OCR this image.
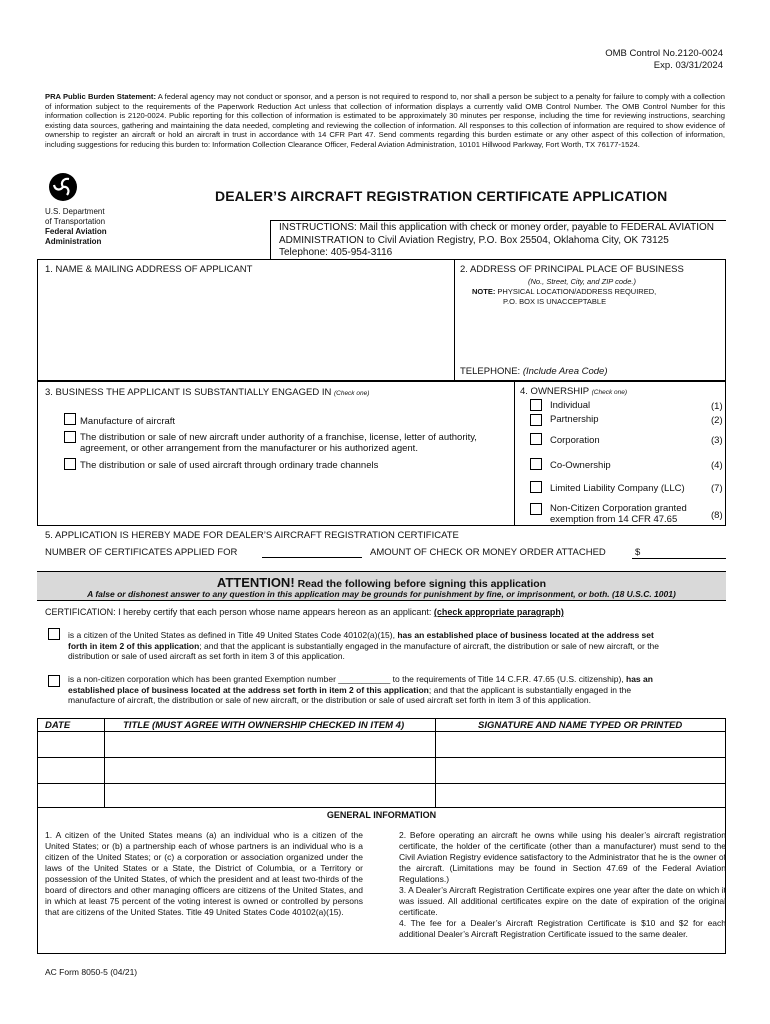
OMB Control No.2120-0024
Exp. 03/31/2024
PRA Public Burden Statement: A federal agency may not conduct or sponsor, and a person is not required to respond to, nor shall a person be subject to a penalty for failure to comply with a collection of information subject to the requirements of the Paperwork Reduction Act unless that collection of information displays a currently valid OMB Control Number. The OMB Control Number for this information collection is 2120-0024. Public reporting for this collection of information is estimated to be approximately 30 minutes per response, including the time for reviewing instructions, searching existing data sources, gathering and maintaining the data needed, completing and reviewing the collection of information. All responses to this collection of information are required to show evidence of ownership to register an aircraft or hold an aircraft in trust in accordance with 14 CFR Part 47. Send comments regarding this burden estimate or any other aspect of this collection of information, including suggestions for reducing this burden to: Information Collection Clearance Officer, Federal Aviation Administration, 10101 Hillwood Parkway, Fort Worth, TX 76177-1524.
U.S. Department
of Transportation
Federal Aviation
Administration
DEALER’S AIRCRAFT REGISTRATION CERTIFICATE APPLICATION
INSTRUCTIONS: Mail this application with check or money order, payable to FEDERAL AVIATION
ADMINISTRATION to Civil Aviation Registry, P.O. Box 25504, Oklahoma City, OK 73125
Telephone: 405-954-3116
1. NAME & MAILING ADDRESS OF APPLICANT	2. ADDRESS OF PRINCIPAL PLACE OF BUSINESS
(No., Street, City, and ZIP code.)
NOTE: PHYSICAL LOCATION/ADDRESS REQUIRED,
P.O. BOX IS UNACCEPTABLE
TELEPHONE: (Include Area Code)
3. BUSINESS THE APPLICANT IS SUBSTANTIALLY ENGAGED IN (Check one)
Manufacture of aircraft
The distribution or sale of new aircraft under authority of a franchise, license, letter of authority,
agreement, or other arrangement from the manufacturer or his authorized agent.
The distribution or sale of used aircraft through ordinary trade channels
4. OWNERSHIP (Check one)
Individual	(1)
Partnership	(2)
Corporation	(3)
Co-Ownership	(4)
Limited Liability Company (LLC)	(7)
Non-Citizen Corporation granted
exemption from 14 CFR 47.65	(8)
5. APPLICATION IS HEREBY MADE FOR DEALER’S AIRCRAFT REGISTRATION CERTIFICATE
NUMBER OF CERTIFICATES APPLIED FOR	AMOUNT OF CHECK OR MONEY ORDER ATTACHED	$
ATTENTION! Read the following before signing this application
A false or dishonest answer to any question in this application may be grounds for punishment by fine, or imprisonment, or both. (18 U.S.C. 1001)
CERTIFICATION: I hereby certify that each person whose name appears hereon as an applicant: (check appropriate paragraph)
is a citizen of the United States as defined in Title 49 United States Code 40102(a)(15), has an established place of business located at the address set
forth in item 2 of this application; and that the applicant is substantially engaged in the manufacture of aircraft, the distribution or sale of new aircraft, or the
distribution or sale of used aircraft as set forth in item 3 of this application.
is a non-citizen corporation which has been granted Exemption number ___________ to the requirements of Title 14 C.F.R. 47.65 (U.S. citizenship), has an
established place of business located at the address set forth in item 2 of this application; and that the applicant is substantially engaged in the
manufacture of aircraft, the distribution or sale of new aircraft, or the distribution or sale of used aircraft set forth in item 3 of this application.
DATE	TITLE (MUST AGREE WITH OWNERSHIP CHECKED IN ITEM 4)	SIGNATURE AND NAME TYPED OR PRINTED
GENERAL INFORMATION
1. A citizen of the United States means (a) an individual who is a citizen of the United States; or (b) a partnership each of whose partners is an individual who is a citizen of the United States; or (c) a corporation or association organized under the laws of the United States or a State, the District of Columbia, or a Territory or possession of the United States, of which the president and at least two-thirds of the board of directors and other managing officers are citizens of the United States, and in which at least 75 percent of the voting interest is owned or controlled by persons that are citizens of the United States. Title 49 United States Code 40102(a)(15).
2. Before operating an aircraft he owns while using his dealer’s aircraft registration certificate, the holder of the certificate (other than a manufacturer) must send to the Civil Aviation Registry evidence satisfactory to the Administrator that he is the owner of the aircraft. (Limitations may be found in Section 47.69 of the Federal Aviation Regulations.)
3. A Dealer’s Aircraft Registration Certificate expires one year after the date on which it was issued. All additional certificates expire on the date of expiration of the original certificate.
4. The fee for a Dealer’s Aircraft Registration Certificate is $10 and $2 for each additional Dealer’s Aircraft Registration Certificate issued to the same dealer.
AC Form 8050-5 (04/21)
